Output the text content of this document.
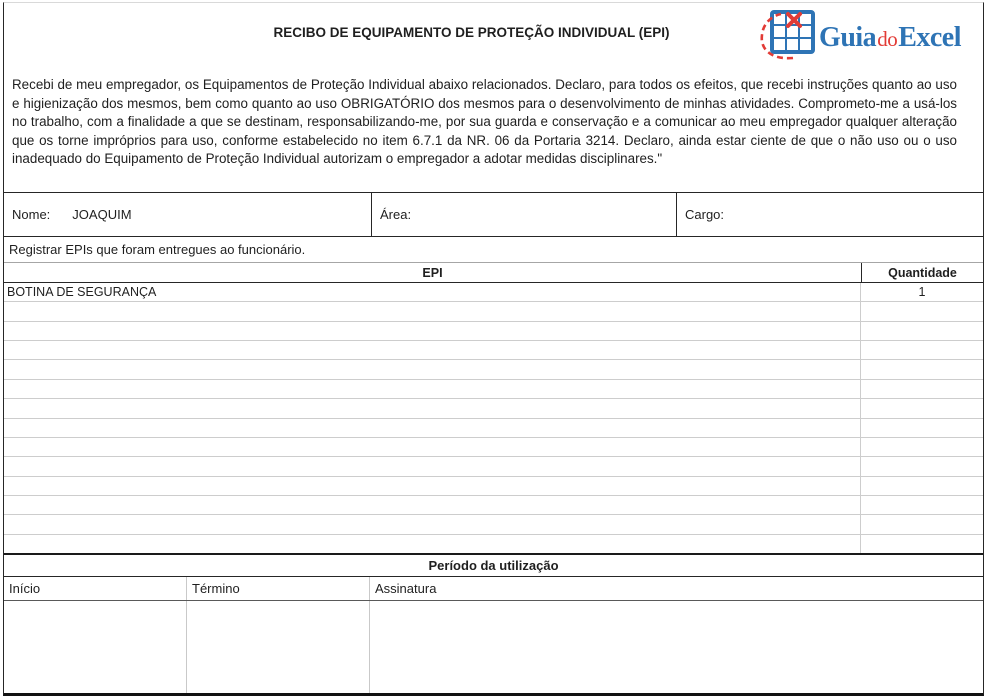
RECIBO DE EQUIPAMENTO DE PROTEÇÃO INDIVIDUAL (EPI)	Guia do Excel
Recebi de meu empregador, os Equipamentos de Proteção Individual abaixo relacionados. Declaro, para todos os efeitos, que recebi instruções quanto ao uso e higienização dos mesmos, bem como quanto ao uso OBRIGATÓRIO dos mesmos para o desenvolvimento de minhas atividades. Comprometo-me a usá-los no trabalho, com a finalidade a que se destinam, responsabilizando-me, por sua guarda e conservação e a comunicar ao meu empregador qualquer alteração que os torne impróprios para uso, conforme estabelecido no item 6.7.1 da NR. 06 da Portaria 3214. Declaro, ainda estar ciente de que o não uso ou o uso inadequado do Equipamento de Proteção Individual autorizam o empregador a adotar medidas disciplinares."
Nome: JOAQUIM	Área:	Cargo:
Registrar EPIs que foram entregues ao funcionário.
EPI	Quantidade
BOTINA DE SEGURANÇA	1
Período da utilização
Início	Término	Assinatura
